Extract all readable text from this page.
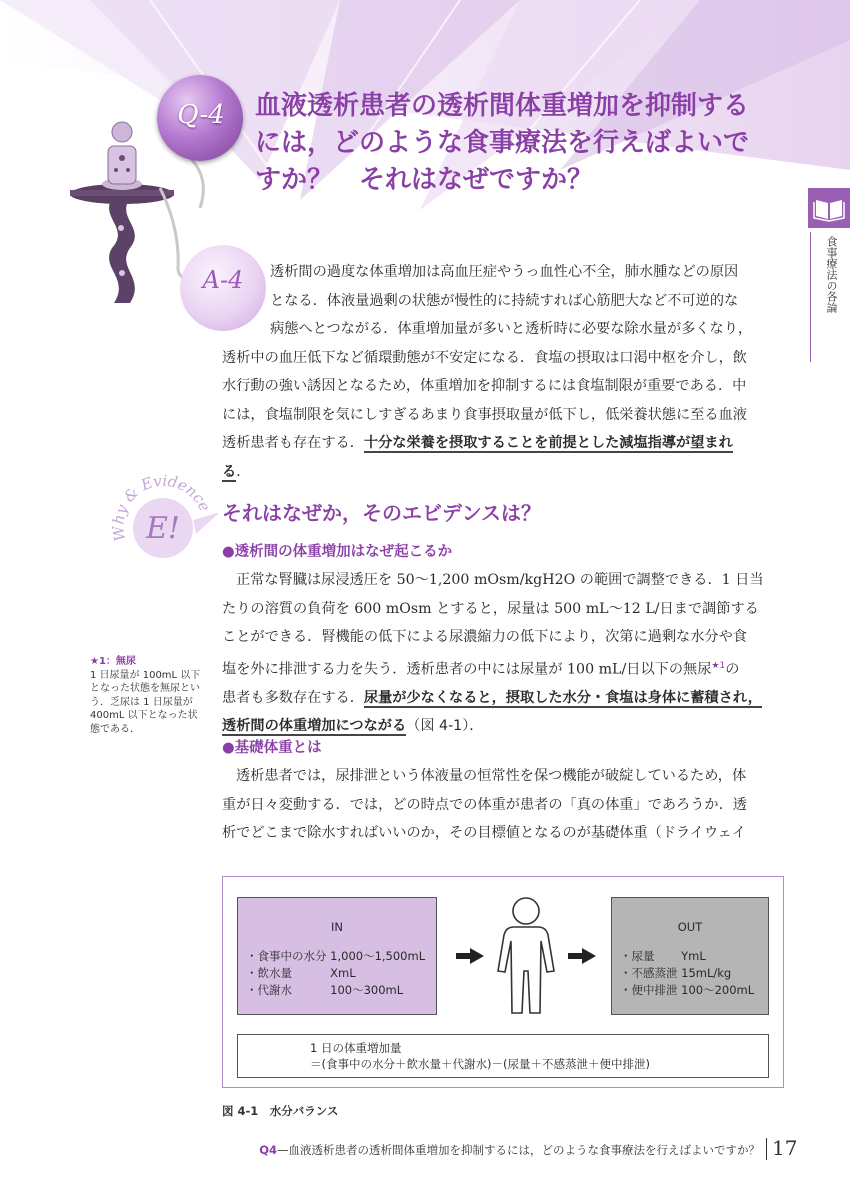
Q-4	血液透析患者の透析間体重増加を抑制する
には，どのような食事療法を行えばよいで
すか？　それはなぜですか？
食事療法の各論
A-4	透析間の過度な体重増加は高血圧症やうっ血性心不全，肺水腫などの原因
となる．体液量過剰の状態が慢性的に持続すれば心筋肥大など不可逆的な
病態へとつながる．体重増加量が多いと透析時に必要な除水量が多くなり，
透析中の血圧低下など循環動態が不安定になる．食塩の摂取は口渇中枢を介し，飲
水行動の強い誘因となるため，体重増加を抑制するには食塩制限が重要である．中
には，食塩制限を気にしすぎるあまり食事摂取量が低下し，低栄養状態に至る血液
透析患者も存在する．十分な栄養を摂取することを前提とした減塩指導が望まれ
る．
Why & Evidence
E! それはなぜか，そのエビデンスは？
●透析間の体重増加はなぜ起こるか
正常な腎臓は尿浸透圧を 50～1,200 mOsm/kgH2O の範囲で調整できる．1 日当
たりの溶質の負荷を 600 mOsm とすると，尿量は 500 mL～12 L/日まで調節する
ことができる．腎機能の低下による尿濃縮力の低下により，次第に過剰な水分や食
塩を外に排泄する力を失う．透析患者の中には尿量が 100 mL/日以下の無尿$^{★1}$の
患者も多数存在する．尿量が少なくなると，摂取した水分・食塩は身体に蓄積され，
透析間の体重増加につながる（図 4-1）．
●基礎体重とは
透析患者では，尿排泄という体液量の恒常性を保つ機能が破綻しているため，体
重が日々変動する．では，どの時点での体重が患者の「真の体重」であろうか．透
析でどこまで除水すればいいのか，その目標値となるのが基礎体重（ドライウェイ
★1：無尿
1 日尿量が 100mL 以下となった状態を無尿という．乏尿は 1 日尿量が 400mL 以下となった状態である．
IN
・食事中の水分 1,000～1,500mL
・飲水量　　　 XmL
・代謝水　　　 100～300mL
OUT
・尿量　　 YmL
・不感蒸泄 15mL/kg
・便中排泄 100～200mL
1 日の体重増加量
＝(食事中の水分＋飲水量＋代謝水)－(尿量＋不感蒸泄＋便中排泄)
図 4-1　水分バランス
Q4—血液透析患者の透析間体重増加を抑制するには，どのような食事療法を行えばよいですか？ 17
